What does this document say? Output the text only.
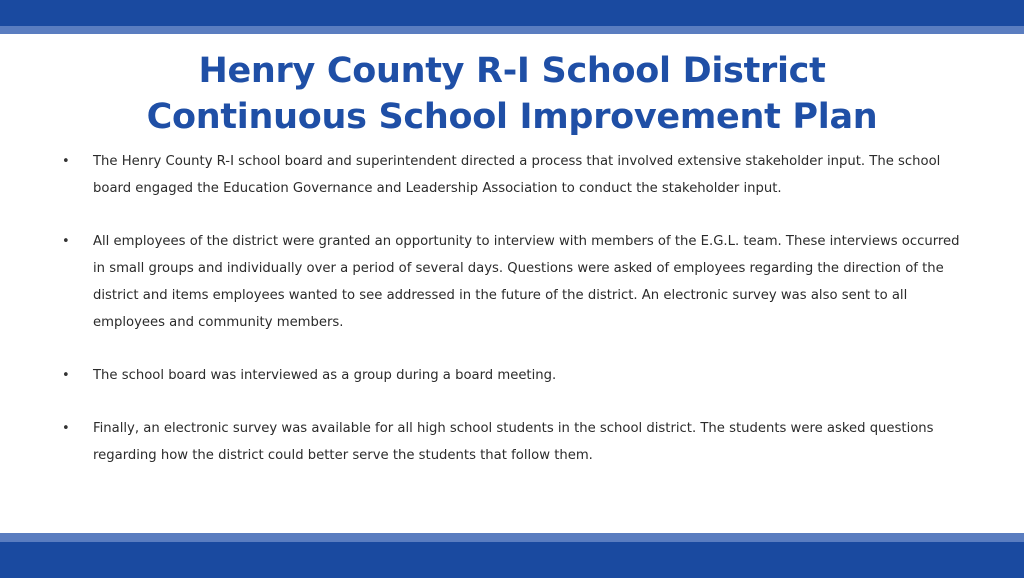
Henry County R-I School District
Continuous School Improvement Plan
• The Henry County R-I school board and superintendent directed a process that involved extensive stakeholder input. The school board engaged the Education Governance and Leadership Association to conduct the stakeholder input.
• All employees of the district were granted an opportunity to interview with members of the E.G.L. team. These interviews occurred in small groups and individually over a period of several days. Questions were asked of employees regarding the direction of the district and items employees wanted to see addressed in the future of the district. An electronic survey was also sent to all employees and community members.
• The school board was interviewed as a group during a board meeting.
• Finally, an electronic survey was available for all high school students in the school district. The students were asked questions regarding how the district could better serve the students that follow them.
